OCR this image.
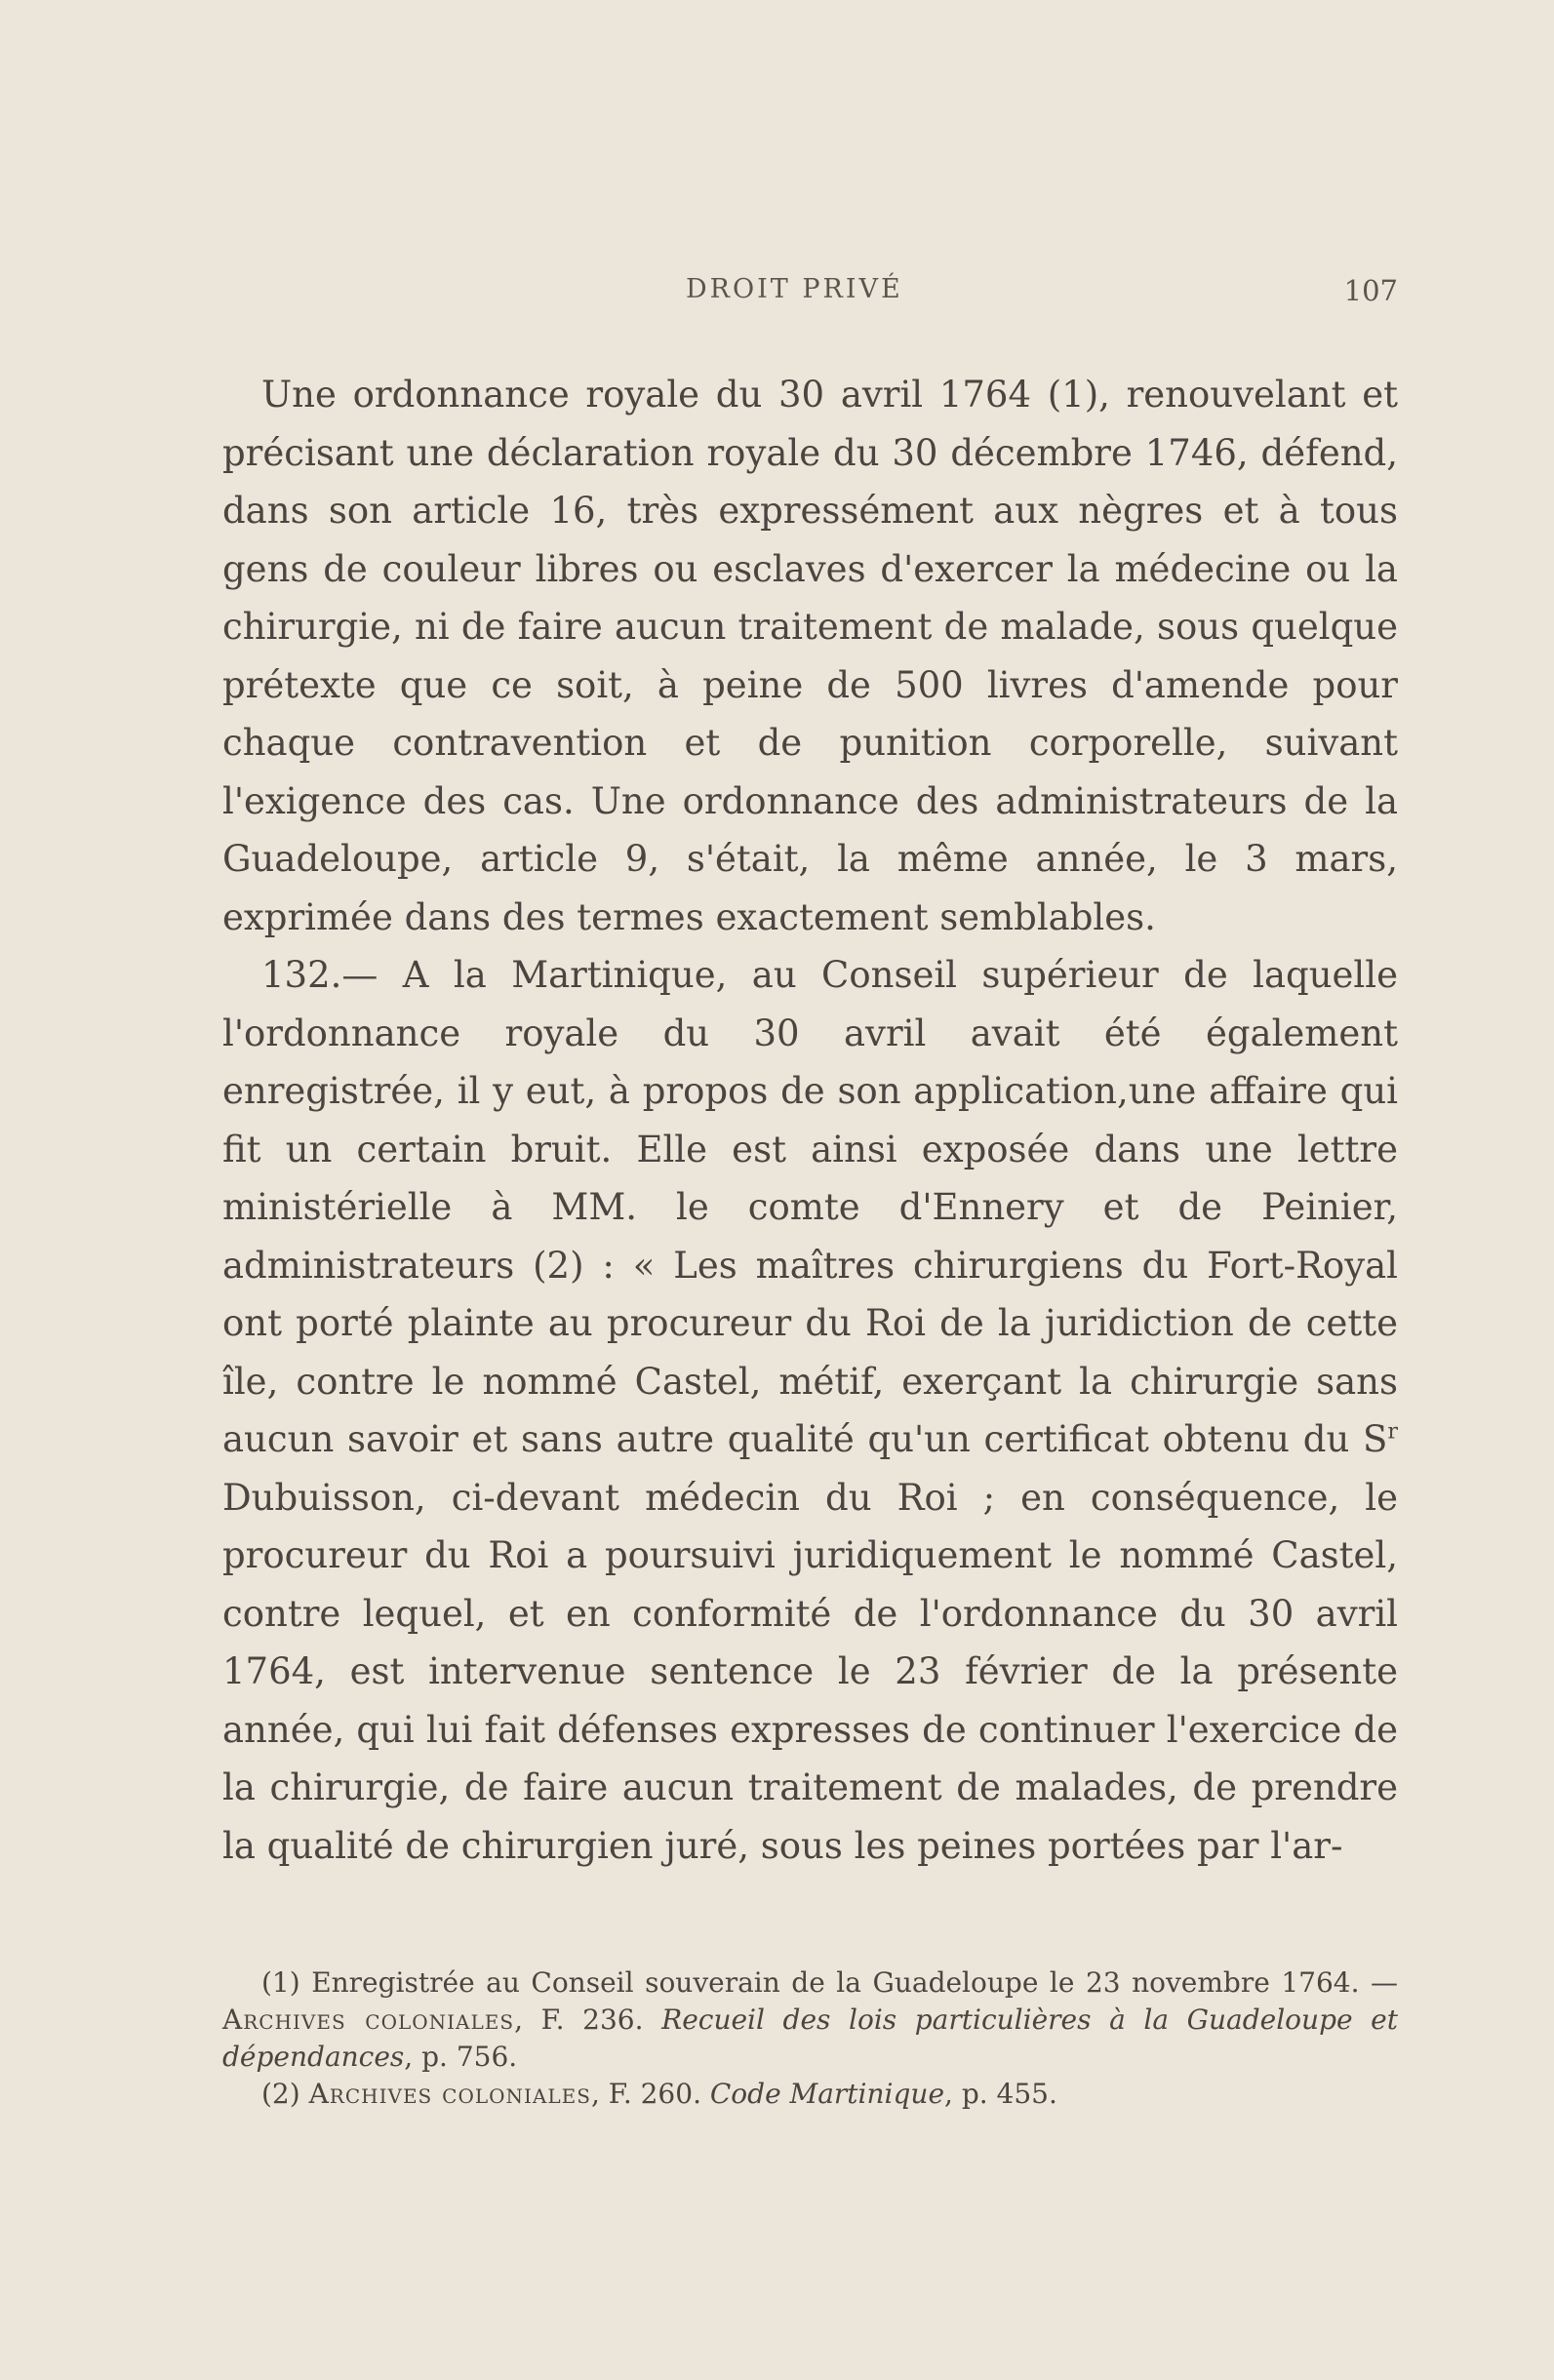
DROIT PRIVÉ	107

Une ordonnance royale du 30 avril 1764 (1), renouvelant et précisant une déclaration royale du 30 décembre 1746, défend, dans son article 16, très expressément aux nègres et à tous gens de couleur libres ou esclaves d'exercer la médecine ou la chirurgie, ni de faire aucun traitement de malade, sous quelque prétexte que ce soit, à peine de 500 livres d'amende pour chaque contravention et de punition corporelle, suivant l'exigence des cas. Une ordonnance des administrateurs de la Guadeloupe, article 9, s'était, la même année, le 3 mars, exprimée dans des termes exactement semblables.

132.— A la Martinique, au Conseil supérieur de laquelle l'ordonnance royale du 30 avril avait été également enregistrée, il y eut, à propos de son application,une affaire qui fit un certain bruit. Elle est ainsi exposée dans une lettre ministérielle à MM. le comte d'Ennery et de Peinier, administrateurs (2) : « Les maîtres chirurgiens du Fort-Royal ont porté plainte au procureur du Roi de la juridiction de cette île, contre le nommé Castel, métif, exerçant la chirurgie sans aucun savoir et sans autre qualité qu'un certificat obtenu du $S^r$ Dubuisson, ci-devant médecin du Roi ; en conséquence, le procureur du Roi a poursuivi juridiquement le nommé Castel, contre lequel, et en conformité de l'ordonnance du 30 avril 1764, est intervenue sentence le 23 février de la présente année, qui lui fait défenses expresses de continuer l'exercice de la chirurgie, de faire aucun traitement de malades, de prendre la qualité de chirurgien juré, sous les peines portées par l'ar-

(1) Enregistrée au Conseil souverain de la Guadeloupe le 23 novembre 1764. — Archives coloniales, F. 236. Recueil des lois particulières à la Guadeloupe et dépendances, p. 756.

(2) Archives coloniales, F. 260. Code Martinique, p. 455.
